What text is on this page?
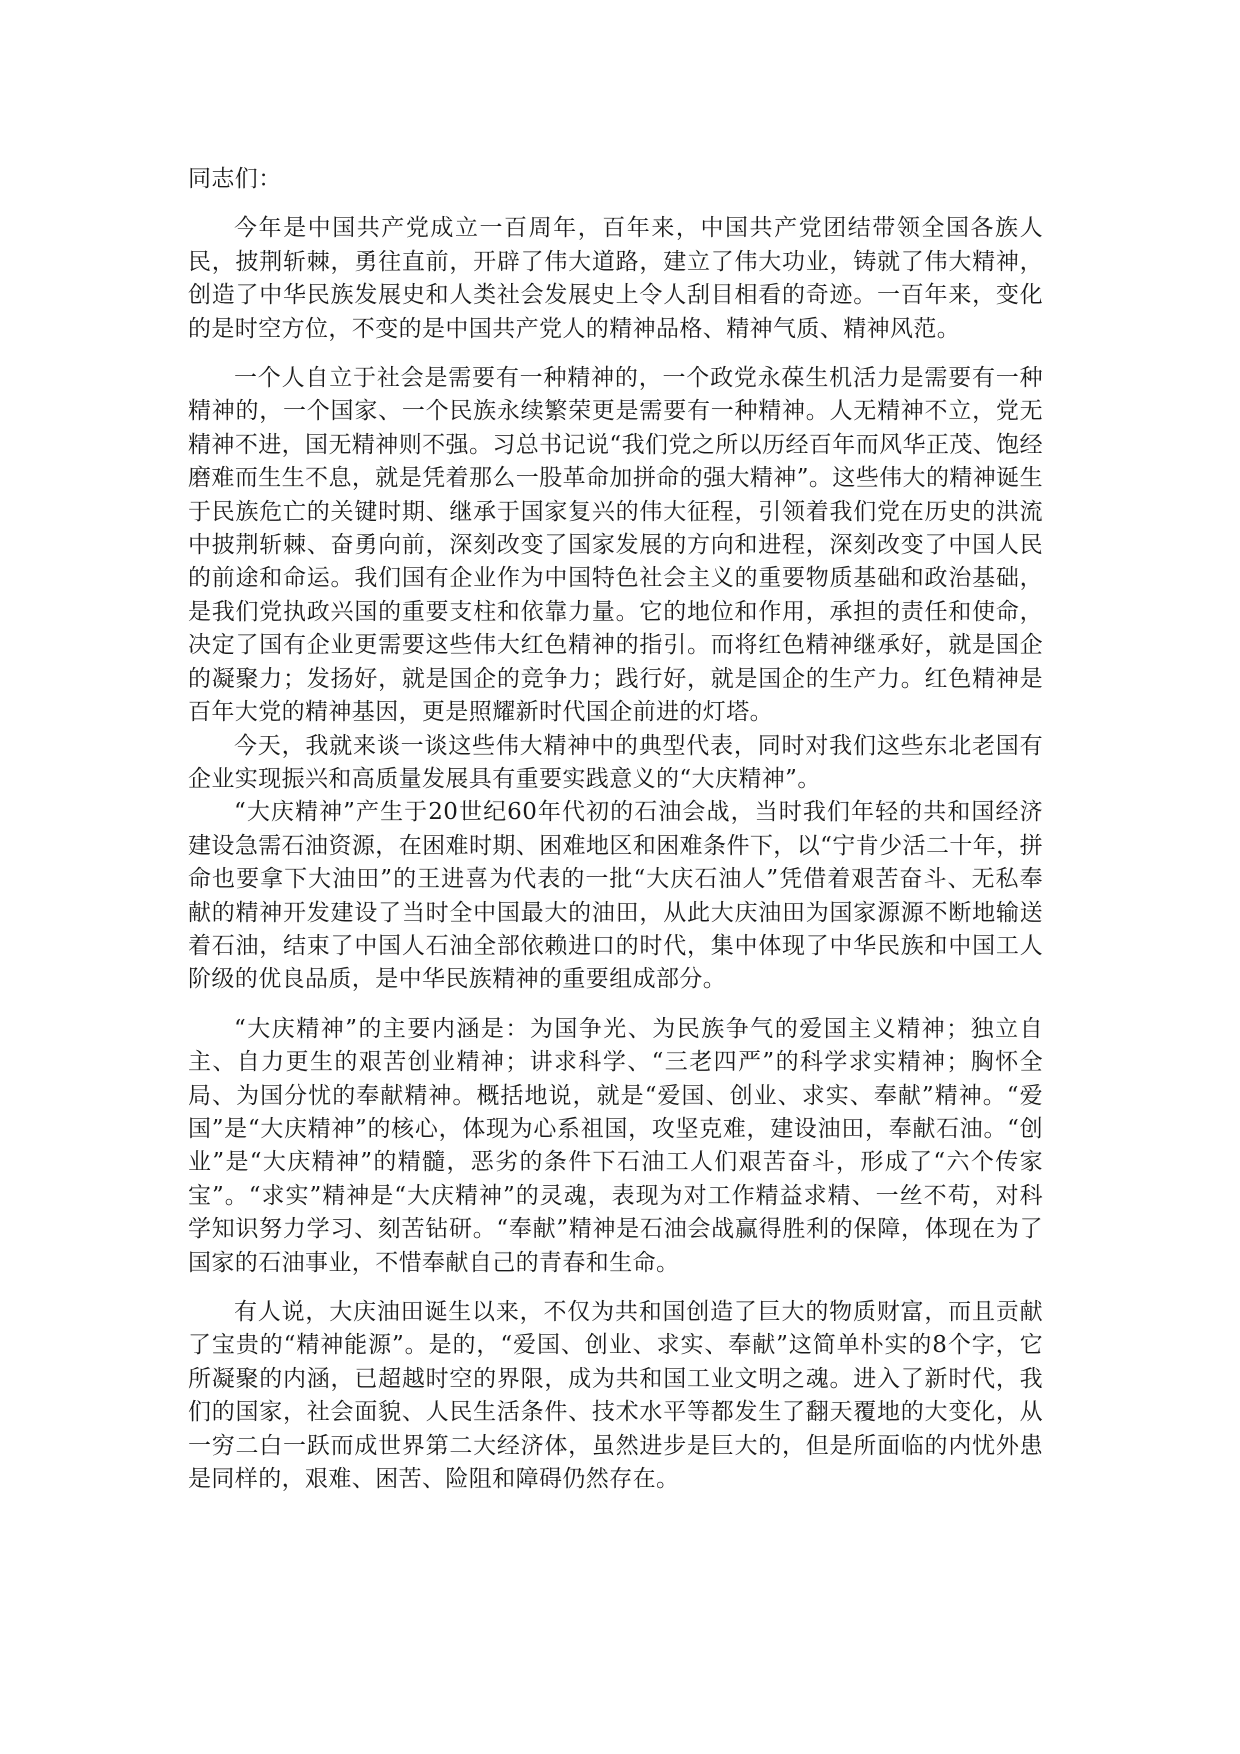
同志们：

今年是中国共产党成立一百周年，百年来，中国共产党团结带领全国各族人民，披荆斩棘，勇往直前，开辟了伟大道路，建立了伟大功业，铸就了伟大精神，创造了中华民族发展史和人类社会发展史上令人刮目相看的奇迹。一百年来，变化的是时空方位，不变的是中国共产党人的精神品格、精神气质、精神风范。

一个人自立于社会是需要有一种精神的，一个政党永葆生机活力是需要有一种精神的，一个国家、一个民族永续繁荣更是需要有一种精神。人无精神不立，党无精神不进，国无精神则不强。习总书记说“我们党之所以历经百年而风华正茂、饱经磨难而生生不息，就是凭着那么一股革命加拼命的强大精神”。这些伟大的精神诞生于民族危亡的关键时期、继承于国家复兴的伟大征程，引领着我们党在历史的洪流中披荆斩棘、奋勇向前，深刻改变了国家发展的方向和进程，深刻改变了中国人民的前途和命运。我们国有企业作为中国特色社会主义的重要物质基础和政治基础，是我们党执政兴国的重要支柱和依靠力量。它的地位和作用，承担的责任和使命，决定了国有企业更需要这些伟大红色精神的指引。而将红色精神继承好，就是国企的凝聚力；发扬好，就是国企的竞争力；践行好，就是国企的生产力。红色精神是百年大党的精神基因，更是照耀新时代国企前进的灯塔。

今天，我就来谈一谈这些伟大精神中的典型代表，同时对我们这些东北老国有企业实现振兴和高质量发展具有重要实践意义的“大庆精神”。

“大庆精神”产生于20世纪60年代初的石油会战，当时我们年轻的共和国经济建设急需石油资源，在困难时期、困难地区和困难条件下，以“宁肯少活二十年，拼命也要拿下大油田”的王进喜为代表的一批“大庆石油人”凭借着艰苦奋斗、无私奉献的精神开发建设了当时全中国最大的油田，从此大庆油田为国家源源不断地输送着石油，结束了中国人石油全部依赖进口的时代，集中体现了中华民族和中国工人阶级的优良品质，是中华民族精神的重要组成部分。

“大庆精神”的主要内涵是：为国争光、为民族争气的爱国主义精神；独立自主、自力更生的艰苦创业精神；讲求科学、“三老四严”的科学求实精神；胸怀全局、为国分忧的奉献精神。概括地说，就是“爱国、创业、求实、奉献”精神。“爱国”是“大庆精神”的核心，体现为心系祖国，攻坚克难，建设油田，奉献石油。“创业”是“大庆精神”的精髓，恶劣的条件下石油工人们艰苦奋斗，形成了“六个传家宝”。“求实”精神是“大庆精神”的灵魂，表现为对工作精益求精、一丝不苟，对科学知识努力学习、刻苦钻研。“奉献”精神是石油会战赢得胜利的保障，体现在为了国家的石油事业，不惜奉献自己的青春和生命。

有人说，大庆油田诞生以来，不仅为共和国创造了巨大的物质财富，而且贡献了宝贵的“精神能源”。是的，“爱国、创业、求实、奉献”这简单朴实的8个字，它所凝聚的内涵，已超越时空的界限，成为共和国工业文明之魂。进入了新时代，我们的国家，社会面貌、人民生活条件、技术水平等都发生了翻天覆地的大变化，从一穷二白一跃而成世界第二大经济体，虽然进步是巨大的，但是所面临的内忧外患是同样的，艰难、困苦、险阻和障碍仍然存在。
